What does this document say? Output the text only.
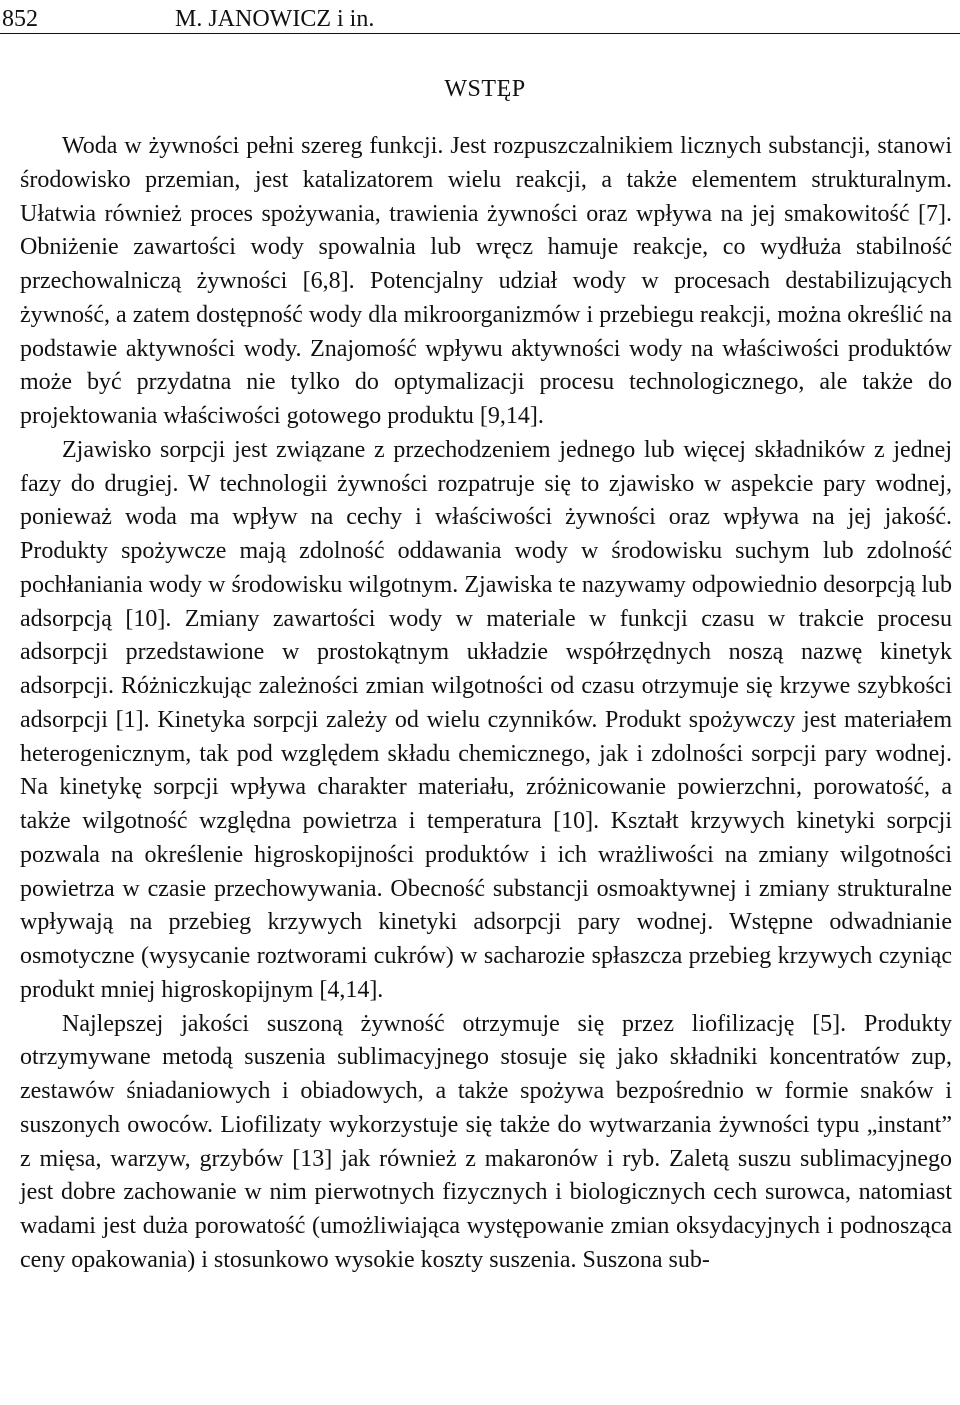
852	M. JANOWICZ i in.
WSTĘP

Woda w żywności pełni szereg funkcji. Jest rozpuszczalnikiem licznych substancji, stanowi środowisko przemian, jest katalizatorem wielu reakcji, a także elementem strukturalnym. Ułatwia również proces spożywania, trawienia żywności oraz wpływa na jej smakowitość [7]. Obniżenie zawartości wody spowalnia lub wręcz hamuje reakcje, co wydłuża stabilność przechowalniczą żywności [6,8]. Potencjalny udział wody w procesach destabilizujących żywność, a zatem dostępność wody dla mikroorganizmów i przebiegu reakcji, można określić na podstawie aktywności wody. Znajomość wpływu aktywności wody na właściwości produktów może być przydatna nie tylko do optymalizacji procesu technologicznego, ale także do projektowania właściwości gotowego produktu [9,14].

Zjawisko sorpcji jest związane z przechodzeniem jednego lub więcej składników z jednej fazy do drugiej. W technologii żywności rozpatruje się to zjawisko w aspekcie pary wodnej, ponieważ woda ma wpływ na cechy i właściwości żywności oraz wpływa na jej jakość. Produkty spożywcze mają zdolność oddawania wody w środowisku suchym lub zdolność pochłaniania wody w środowisku wilgotnym. Zjawiska te nazywamy odpowiednio desorpcją lub adsorpcją [10]. Zmiany zawartości wody w materiale w funkcji czasu w trakcie procesu adsorpcji przedstawione w prostokątnym układzie współrzędnych noszą nazwę kinetyk adsorpcji. Różniczkując zależności zmian wilgotności od czasu otrzymuje się krzywe szybkości adsorpcji [1]. Kinetyka sorpcji zależy od wielu czynników. Produkt spożywczy jest materiałem heterogenicznym, tak pod względem składu chemicznego, jak i zdolności sorpcji pary wodnej. Na kinetykę sorpcji wpływa charakter materiału, zróżnicowanie powierzchni, porowatość, a także wilgotność względna powietrza i temperatura [10]. Kształt krzywych kinetyki sorpcji pozwala na określenie higroskopijności produktów i ich wrażliwości na zmiany wilgotności powietrza w czasie przechowywania. Obecność substancji osmoaktywnej i zmiany strukturalne wpływają na przebieg krzywych kinetyki adsorpcji pary wodnej. Wstępne odwadnianie osmotyczne (wysycanie roztworami cukrów) w sacharozie spłaszcza przebieg krzywych czyniąc produkt mniej higroskopijnym [4,14].

Najlepszej jakości suszoną żywność otrzymuje się przez liofilizację [5]. Produkty otrzymywane metodą suszenia sublimacyjnego stosuje się jako składniki koncentratów zup, zestawów śniadaniowych i obiadowych, a także spożywa bezpośrednio w formie snaków i suszonych owoców. Liofilizaty wykorzystuje się także do wytwarzania żywności typu „instant” z mięsa, warzyw, grzybów [13] jak również z makaronów i ryb. Zaletą suszu sublimacyjnego jest dobre zachowanie w nim pierwotnych fizycznych i biologicznych cech surowca, natomiast wadami jest duża porowatość (umożliwiająca występowanie zmian oksydacyjnych i podnosząca ceny opakowania) i stosunkowo wysokie koszty suszenia. Suszona sub-
